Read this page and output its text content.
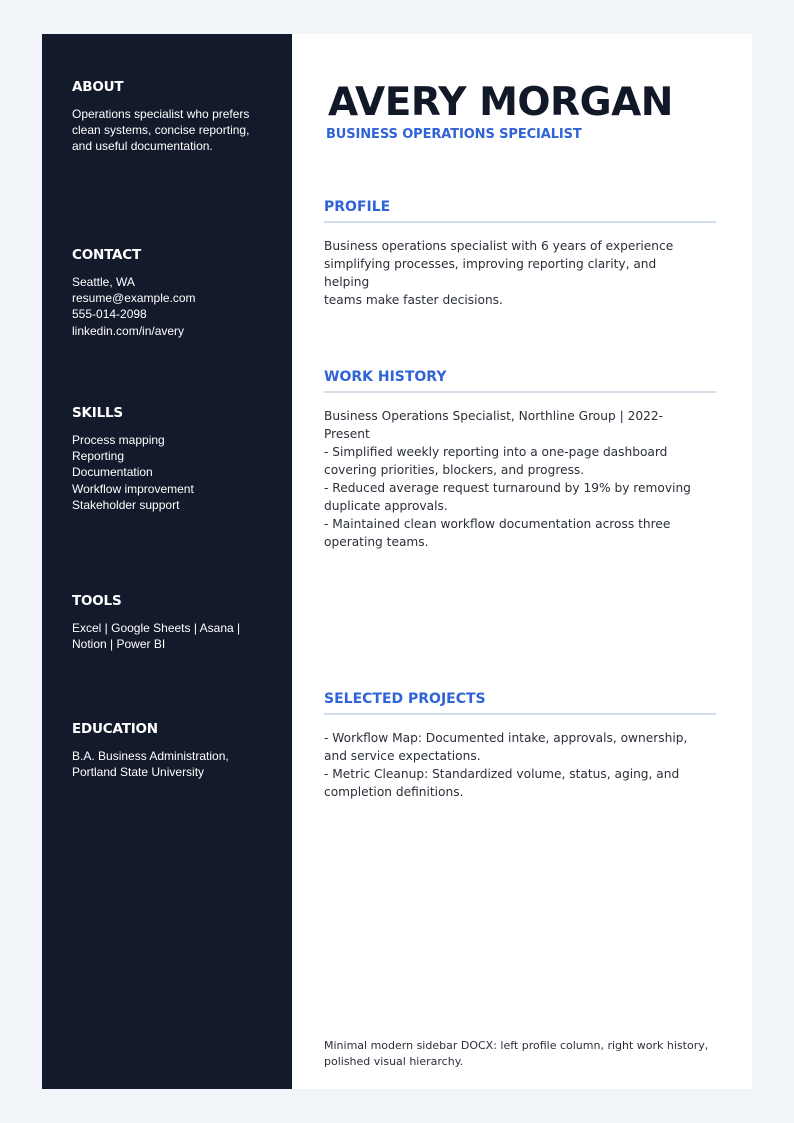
ABOUT
Operations specialist who prefers
clean systems, concise reporting,
and useful documentation.
CONTACT
Seattle, WA
resume@example.com
555-014-2098
linkedin.com/in/avery
SKILLS
Process mapping
Reporting
Documentation
Workflow improvement
Stakeholder support
TOOLS
Excel | Google Sheets | Asana |
Notion | Power BI
EDUCATION
B.A. Business Administration,
Portland State University
AVERY MORGAN
BUSINESS OPERATIONS SPECIALIST
PROFILE

Business operations specialist with 6 years of experience

simplifying processes, improving reporting clarity, and helping

teams make faster decisions.

WORK HISTORY

Business Operations Specialist, Northline Group | 2022-Present

- Simplified weekly reporting into a one-page dashboard

covering priorities, blockers, and progress.

- Reduced average request turnaround by 19% by removing

duplicate approvals.

- Maintained clean workflow documentation across three

operating teams.

SELECTED PROJECTS

- Workflow Map: Documented intake, approvals, ownership,

and service expectations.

- Metric Cleanup: Standardized volume, status, aging, and

completion definitions.

Minimal modern sidebar DOCX: left profile column, right work history,
polished visual hierarchy.
